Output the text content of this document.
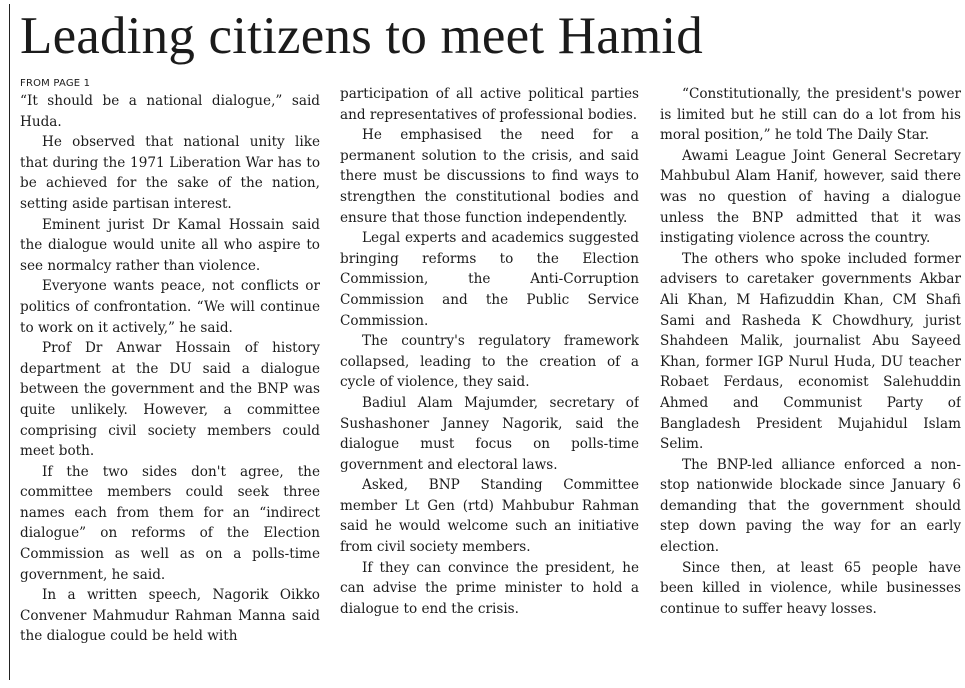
Leading citizens to meet Hamid
FROM PAGE 1

“It should be a national dialogue,” said Huda.

He observed that national unity like that during the 1971 Liberation War has to be achieved for the sake of the nation, setting aside partisan interest.

Eminent jurist Dr Kamal Hossain said the dialogue would unite all who aspire to see normalcy rather than violence.

Everyone wants peace, not conflicts or politics of confrontation. “We will continue to work on it actively,” he said.

Prof Dr Anwar Hossain of history department at the DU said a dialogue between the government and the BNP was quite unlikely. However, a committee comprising civil society members could meet both.

If the two sides don't agree, the committee members could seek three names each from them for an “indirect dialogue” on reforms of the Election Commission as well as on a polls-time government, he said.

In a written speech, Nagorik Oikko Convener Mahmudur Rahman Manna said the dialogue could be held with

participation of all active political parties and representatives of professional bodies.

He emphasised the need for a permanent solution to the crisis, and said there must be discussions to find ways to strengthen the constitutional bodies and ensure that those function independently.

Legal experts and academics suggested bringing reforms to the Election Commission, the Anti-Corruption Commission and the Public Service Commission.

The country's regulatory framework collapsed, leading to the creation of a cycle of violence, they said.

Badiul Alam Majumder, secretary of Sushashoner Janney Nagorik, said the dialogue must focus on polls-time government and electoral laws.

Asked, BNP Standing Committee member Lt Gen (rtd) Mahbubur Rahman said he would welcome such an initiative from civil society members.

If they can convince the president, he can advise the prime minister to hold a dialogue to end the crisis.

“Constitutionally, the president's power is limited but he still can do a lot from his moral position,” he told The Daily Star.

Awami League Joint General Secretary Mahbubul Alam Hanif, however, said there was no question of having a dialogue unless the BNP admitted that it was instigating violence across the country.

The others who spoke included former advisers to caretaker governments Akbar Ali Khan, M Hafizuddin Khan, CM Shafi Sami and Rasheda K Chowdhury, jurist Shahdeen Malik, journalist Abu Sayeed Khan, former IGP Nurul Huda, DU teacher Robaet Ferdaus, economist Salehuddin Ahmed and Communist Party of Bangladesh President Mujahidul Islam Selim.

The BNP-led alliance enforced a non-stop nationwide blockade since January 6 demanding that the government should step down paving the way for an early election.

Since then, at least 65 people have been killed in violence, while businesses continue to suffer heavy losses.
